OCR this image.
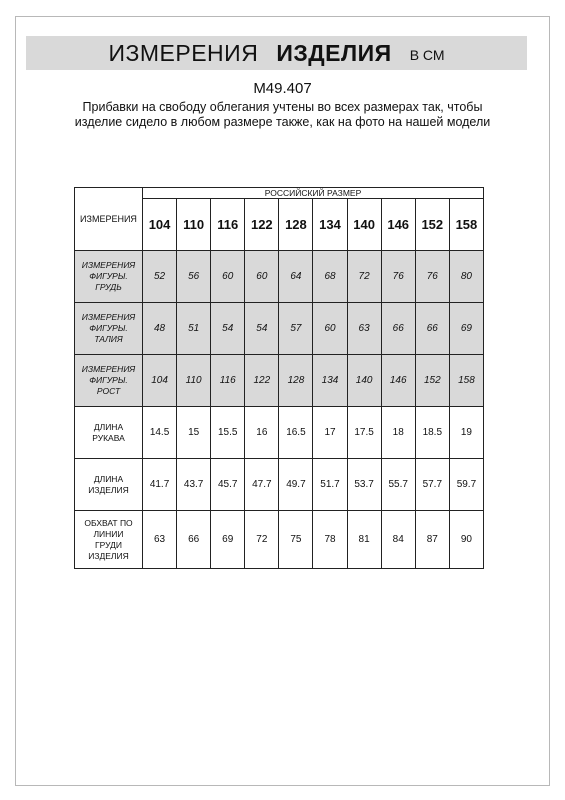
ИЗМЕРЕНИЯ ИЗДЕЛИЯ В СМ
M49.407
Прибавки на свободу облегания учтены во всех размерах так, чтобы изделие сидело в любом размере также, как на фото на нашей модели
ИЗМЕРЕНИЯ	РОССИЙСКИЙ РАЗМЕР									
	104	110	116	122	128	134	140	146	152	158
ИЗМЕРЕНИЯ
ФИГУРЫ.
ГРУДЬ	52	56	60	60	64	68	72	76	76	80
ИЗМЕРЕНИЯ
ФИГУРЫ.
ТАЛИЯ	48	51	54	54	57	60	63	66	66	69
ИЗМЕРЕНИЯ
ФИГУРЫ.
РОСТ	104	110	116	122	128	134	140	146	152	158
ДЛИНА
РУКАВА	14.5	15	15.5	16	16.5	17	17.5	18	18.5	19
ДЛИНА
ИЗДЕЛИЯ	41.7	43.7	45.7	47.7	49.7	51.7	53.7	55.7	57.7	59.7
ОБХВАТ ПО
ЛИНИИ
ГРУДИ
ИЗДЕЛИЯ	63	66	69	72	75	78	81	84	87	90
